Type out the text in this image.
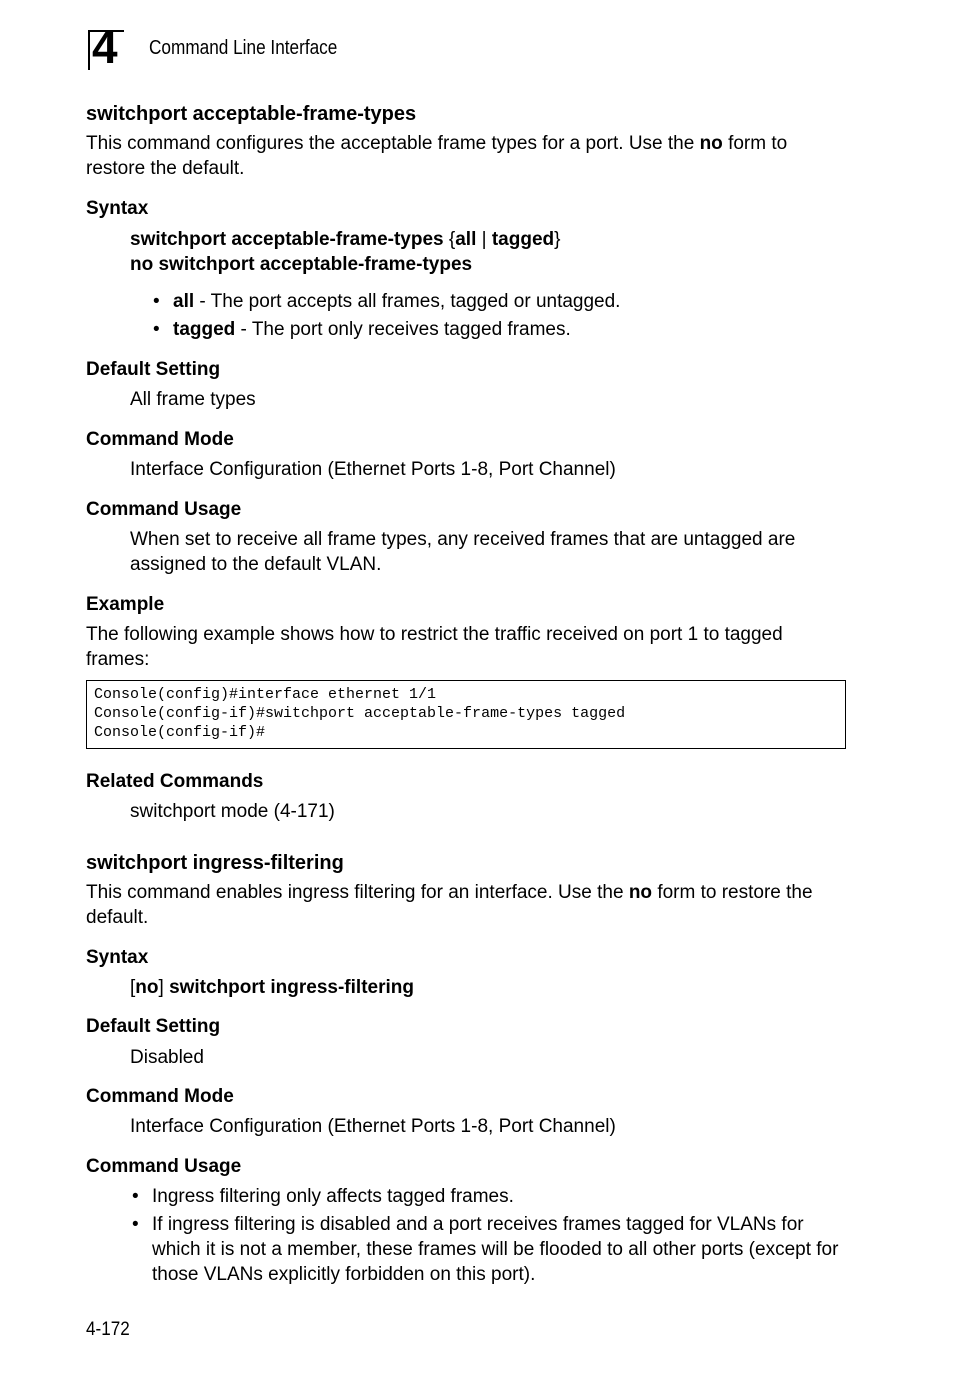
4 Command Line Interface
switchport acceptable-frame-types

This command configures the acceptable frame types for a port. Use the no form to restore the default.

Syntax

switchport acceptable-frame-types {all | tagged}

no switchport acceptable-frame-types

• all - The port accepts all frames, tagged or untagged.

• tagged - The port only receives tagged frames.

Default Setting

All frame types

Command Mode

Interface Configuration (Ethernet Ports 1-8, Port Channel)

Command Usage

When set to receive all frame types, any received frames that are untagged are assigned to the default VLAN.

Example

The following example shows how to restrict the traffic received on port 1 to tagged frames:

Console(config)#interface ethernet 1/1
Console(config-if)#switchport acceptable-frame-types tagged
Console(config-if)#
Related Commands

switchport mode (4-171)

switchport ingress-filtering

This command enables ingress filtering for an interface. Use the no form to restore the default.

Syntax

[no] switchport ingress-filtering

Default Setting

Disabled

Command Mode

Interface Configuration (Ethernet Ports 1-8, Port Channel)

Command Usage

• Ingress filtering only affects tagged frames.

• If ingress filtering is disabled and a port receives frames tagged for VLANs for which it is not a member, these frames will be flooded to all other ports (except for those VLANs explicitly forbidden on this port).

4-172
